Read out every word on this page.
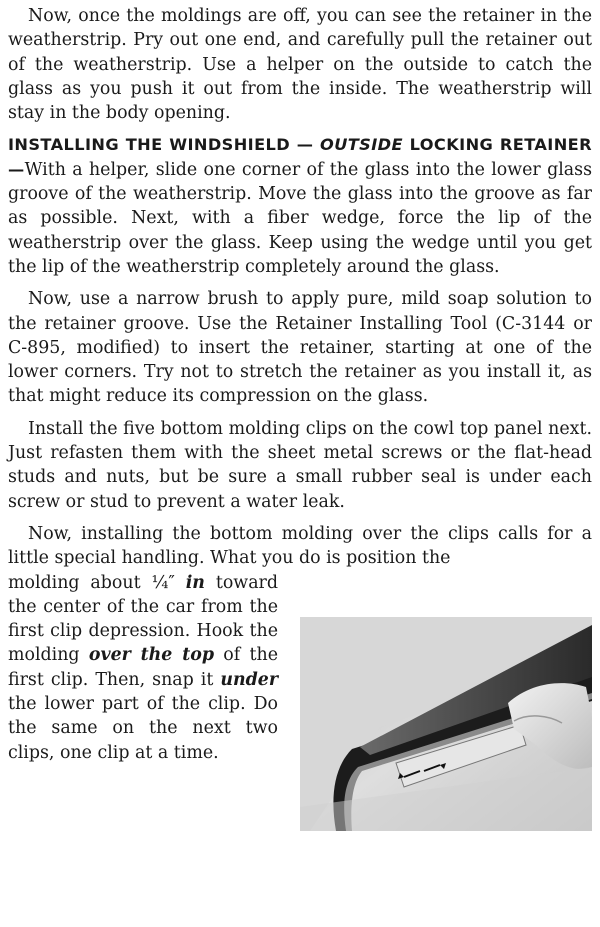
Now, once the moldings are off, you can see the retainer in the weatherstrip. Pry out one end, and carefully pull the retainer out of the weatherstrip. Use a helper on the outside to catch the glass as you push it out from the inside. The weatherstrip will stay in the body opening.

INSTALLING THE WINDSHIELD — OUTSIDE LOCKING RETAINER—With a helper, slide one corner of the glass into the lower glass groove of the weatherstrip. Move the glass into the groove as far as possible. Next, with a fiber wedge, force the lip of the weatherstrip over the glass. Keep using the wedge until you get the lip of the weatherstrip completely around the glass.

Now, use a narrow brush to apply pure, mild soap solution to the retainer groove. Use the Retainer Installing Tool (C-3144 or C-895, modified) to insert the retainer, starting at one of the lower corners. Try not to stretch the retainer as you install it, as that might reduce its compression on the glass.

Install the five bottom molding clips on the cowl top panel next. Just refasten them with the sheet metal screws or the flat-head studs and nuts, but be sure a small rubber seal is under each screw or stud to prevent a water leak.

Now, installing the bottom molding over the clips calls for a little special handling. What you do is position the

molding about ¼″ in toward the center of the car from the first clip depression. Hook the molding over the top of the first clip. Then, snap it under the lower part of the clip. Do the same on the next two clips, one clip at a time.
